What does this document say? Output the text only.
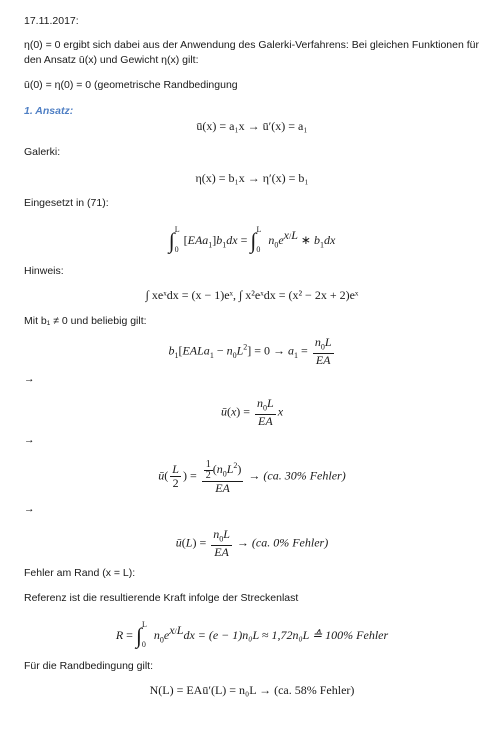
17.11.2017:
η(0) = 0 ergibt sich dabei aus der Anwendung des Galerki-Verfahrens: Bei gleichen Funktionen für
den Ansatz ū(x) und Gewicht η(x) gilt:
ū(0) = η(0) = 0 (geometrische Randbedingung
1. Ansatz:
ū(x) = a₁x → ū′(x) = a₁
Galerki:
η(x) = b₁x → η′(x) = b₁
Eingesetzt in (71):
$\int^L_0[EAa_1]b_1dx = \int^L_0$ $n_0e^{x/L}$ ∗ $b_1dx$
Hinweis:
∫ xeˣdx = (x − 1)eˣ, ∫ x²eˣdx = (x² − 2x + 2)eˣ
Mit b₁ ≠ 0 und beliebig gilt:
$b_1[EALa_1 - n_0L^2] = 0 \to a_1 = \frac{n_0L}{EA}$
→
ū(x) = $\frac{n_0L}{EA}$ x
→
ū( $\frac{L}{2}$ ) = $\frac{\frac{1}{2} (n_0L^2)}{EA} \to (ca$. 30% Fehler)
→
ū(L) = $\frac{n_0L}{EA} \to (ca$. 0% Fehler)
Fehler am Rand (x = L):
Referenz ist die resultierende Kraft infolge der Streckenlast
R = ∫$^L_0$ $n_0e^{x/L}dx = (e - 1)n_0L \approx 1,72n_0L$ ≙ 100% Fehler
Für die Randbedingung gilt:
N(L) = EAū′(L) = n₀L → (ca. 58% Fehler)
